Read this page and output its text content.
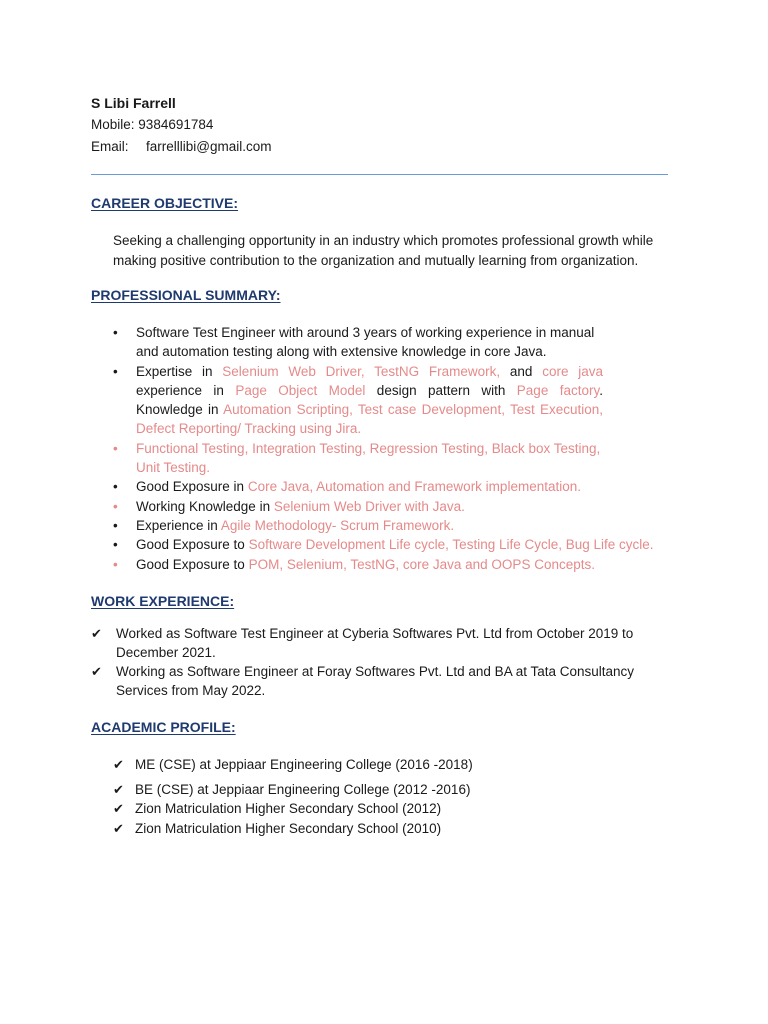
S Libi Farrell
Mobile: 9384691784
Email: farrelllibi@gmail.com
CAREER OBJECTIVE:
Seeking a challenging opportunity in an industry which promotes professional growth while making positive contribution to the organization and mutually learning from organization.
PROFESSIONAL SUMMARY:
• Software Test Engineer with around 3 years of working experience in manual and automation testing along with extensive knowledge in core Java.
• Expertise in Selenium Web Driver, TestNG Framework, and core java experience in Page Object Model design pattern with Page factory. Knowledge in Automation Scripting, Test case Development, Test Execution, Defect Reporting/ Tracking using Jira.
• Functional Testing, Integration Testing, Regression Testing, Black box Testing, Unit Testing.
• Good Exposure in Core Java, Automation and Framework implementation.
• Working Knowledge in Selenium Web Driver with Java.
• Experience in Agile Methodology- Scrum Framework.
• Good Exposure to Software Development Life cycle, Testing Life Cycle, Bug Life cycle.
• Good Exposure to POM, Selenium, TestNG, core Java and OOPS Concepts.
WORK EXPERIENCE:
✔ Worked as Software Test Engineer at Cyberia Softwares Pvt. Ltd from October 2019 to December 2021.
✔ Working as Software Engineer at Foray Softwares Pvt. Ltd and BA at Tata Consultancy Services from May 2022.
ACADEMIC PROFILE:
✔ ME (CSE) at Jeppiaar Engineering College (2016 -2018)
✔ BE (CSE) at Jeppiaar Engineering College (2012 -2016)
✔ Zion Matriculation Higher Secondary School (2012)
✔ Zion Matriculation Higher Secondary School (2010)
